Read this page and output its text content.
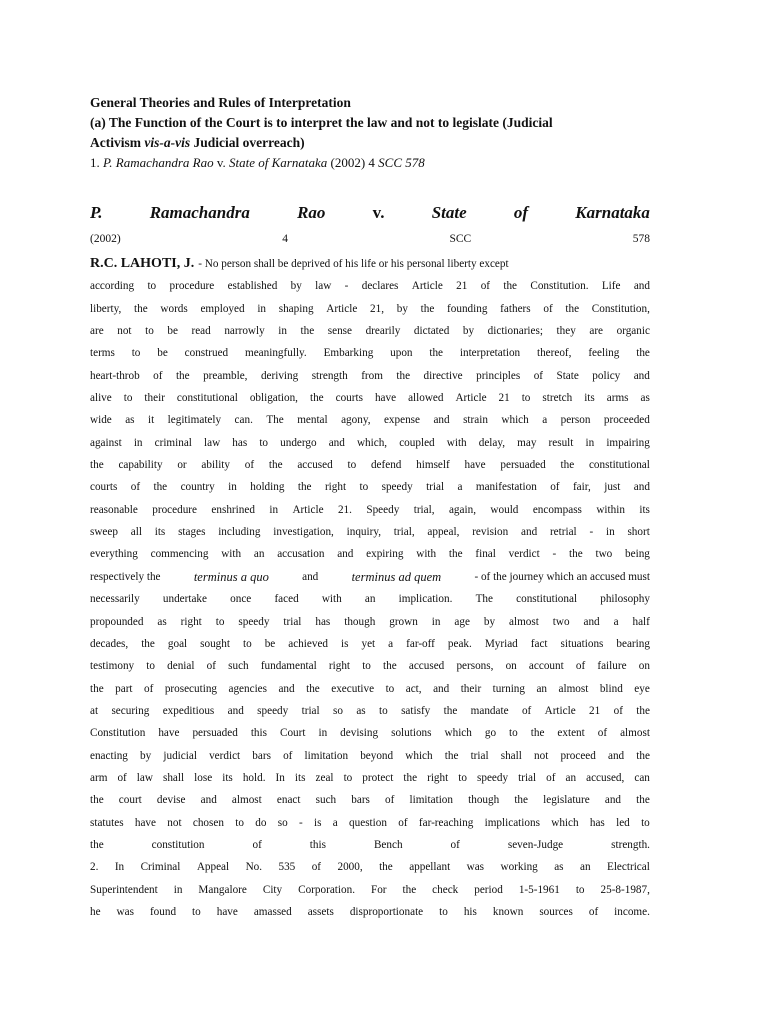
General Theories and Rules of Interpretation
(a) The Function of the Court is to interpret the law and not to legislate (Judicial
Activism vis-a-vis Judicial overreach)
1. P. Ramachandra Rao v. State of Karnataka (2002) 4 SCC 578
P.	Ramachandra	Rao	v.	State	of	Karnataka
(2002)	4	SCC	578
R.C. LAHOTI, J. - No person shall be deprived of his life or his personal liberty except
according to procedure established by law - declares Article 21 of the Constitution. Life and
liberty, the words employed in shaping Article 21, by the founding fathers of the Constitution,
are not to be read narrowly in the sense drearily dictated by dictionaries; they are organic
terms to be construed meaningfully. Embarking upon the interpretation thereof, feeling the
heart-throb of the preamble, deriving strength from the directive principles of State policy and
alive to their constitutional obligation, the courts have allowed Article 21 to stretch its arms as
wide as it legitimately can. The mental agony, expense and strain which a person proceeded
against in criminal law has to undergo and which, coupled with delay, may result in impairing
the capability or ability of the accused to defend himself have persuaded the constitutional
courts of the country in holding the right to speedy trial a manifestation of fair, just and
reasonable procedure enshrined in Article 21. Speedy trial, again, would encompass within its
sweep all its stages including investigation, inquiry, trial, appeal, revision and retrial - in short
everything commencing with an accusation and expiring with the final verdict - the two being
respectively the	terminus a quo	and	terminus ad quem	- of the journey which an accused must
necessarily undertake once faced with an implication. The constitutional philosophy
propounded as right to speedy trial has though grown in age by almost two and a half
decades, the goal sought to be achieved is yet a far-off peak. Myriad fact situations bearing
testimony to denial of such fundamental right to the accused persons, on account of failure on
the part of prosecuting agencies and the executive to act, and their turning an almost blind eye
at securing expeditious and speedy trial so as to satisfy the mandate of Article 21 of the
Constitution have persuaded this Court in devising solutions which go to the extent of almost
enacting by judicial verdict bars of limitation beyond which the trial shall not proceed and the
arm of law shall lose its hold. In its zeal to protect the right to speedy trial of an accused, can
the court devise and almost enact such bars of limitation though the legislature and the
statutes have not chosen to do so - is a question of far-reaching implications which has led to
the	constitution	of	this	Bench	of	seven-Judge	strength.
2. In Criminal Appeal No. 535 of 2000, the appellant was working as an Electrical
Superintendent in Mangalore City Corporation. For the check period 1-5-1961 to 25-8-1987,
he was found to have amassed assets disproportionate to his known sources of income.
